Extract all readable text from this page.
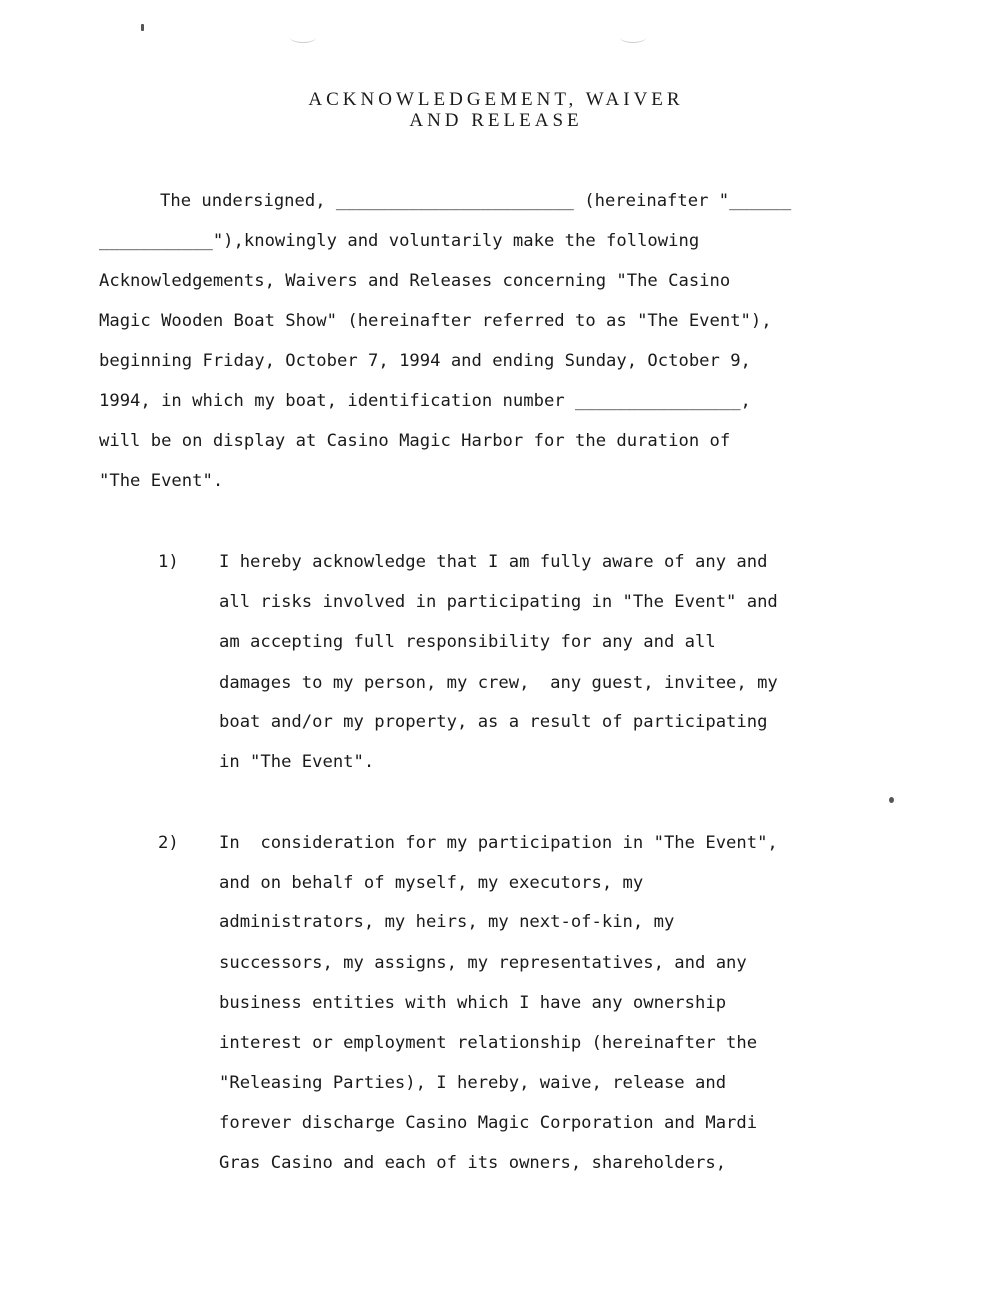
ACKNOWLEDGEMENT, WAIVER
AND RELEASE
The undersigned, _______________________ (hereinafter "______
___________"),knowingly and voluntarily make the following
Acknowledgements, Waivers and Releases concerning "The Casino
Magic Wooden Boat Show" (hereinafter referred to as "The Event"),
beginning Friday, October 7, 1994 and ending Sunday, October 9,
1994, in which my boat, identification number ________________,
will be on display at Casino Magic Harbor for the duration of
"The Event".
1) I hereby acknowledge that I am fully aware of any and
all risks involved in participating in "The Event" and
am accepting full responsibility for any and all
damages to my person, my crew,  any guest, invitee, my
boat and/or my property, as a result of participating
in "The Event".
2) In  consideration for my participation in "The Event",
and on behalf of myself, my executors, my
administrators, my heirs, my next-of-kin, my
successors, my assigns, my representatives, and any
business entities with which I have any ownership
interest or employment relationship (hereinafter the
"Releasing Parties), I hereby, waive, release and
forever discharge Casino Magic Corporation and Mardi
Gras Casino and each of its owners, shareholders,
